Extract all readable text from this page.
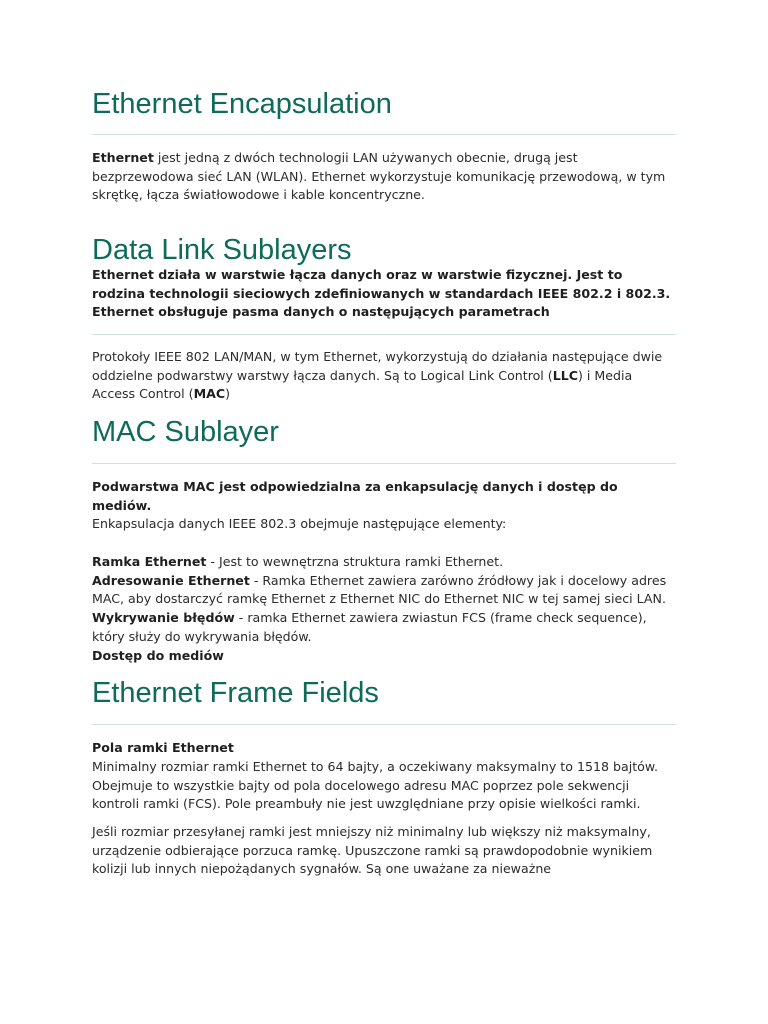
Ethernet Encapsulation

Ethernet jest jedną z dwóch technologii LAN używanych obecnie, drugą jest bezprzewodowa sieć LAN (WLAN). Ethernet wykorzystuje komunikację przewodową, w tym skrętkę, łącza światłowodowe i kable koncentryczne.

Data Link Sublayers

Ethernet działa w warstwie łącza danych oraz w warstwie fizycznej. Jest to rodzina technologii sieciowych zdefiniowanych w standardach IEEE 802.2 i 802.3. Ethernet obsługuje pasma danych o następujących parametrach

Protokoły IEEE 802 LAN/MAN, w tym Ethernet, wykorzystują do działania następujące dwie oddzielne podwarstwy warstwy łącza danych. Są to Logical Link Control (LLC) i Media Access Control (MAC)

MAC Sublayer

Podwarstwa MAC jest odpowiedzialna za enkapsulację danych i dostęp do mediów.

Enkapsulacja danych IEEE 802.3 obejmuje następujące elementy:

Ramka Ethernet - Jest to wewnętrzna struktura ramki Ethernet.
Adresowanie Ethernet - Ramka Ethernet zawiera zarówno źródłowy jak i docelowy adres MAC, aby dostarczyć ramkę Ethernet z Ethernet NIC do Ethernet NIC w tej samej sieci LAN.
Wykrywanie błędów - ramka Ethernet zawiera zwiastun FCS (frame check sequence), który służy do wykrywania błędów.
Dostęp do mediów
Ethernet Frame Fields

Pola ramki Ethernet

Minimalny rozmiar ramki Ethernet to 64 bajty, a oczekiwany maksymalny to 1518 bajtów. Obejmuje to wszystkie bajty od pola docelowego adresu MAC poprzez pole sekwencji kontroli ramki (FCS). Pole preambuły nie jest uwzględniane przy opisie wielkości ramki.

Jeśli rozmiar przesyłanej ramki jest mniejszy niż minimalny lub większy niż maksymalny, urządzenie odbierające porzuca ramkę. Upuszczone ramki są prawdopodobnie wynikiem kolizji lub innych niepożądanych sygnałów. Są one uważane za nieważne
